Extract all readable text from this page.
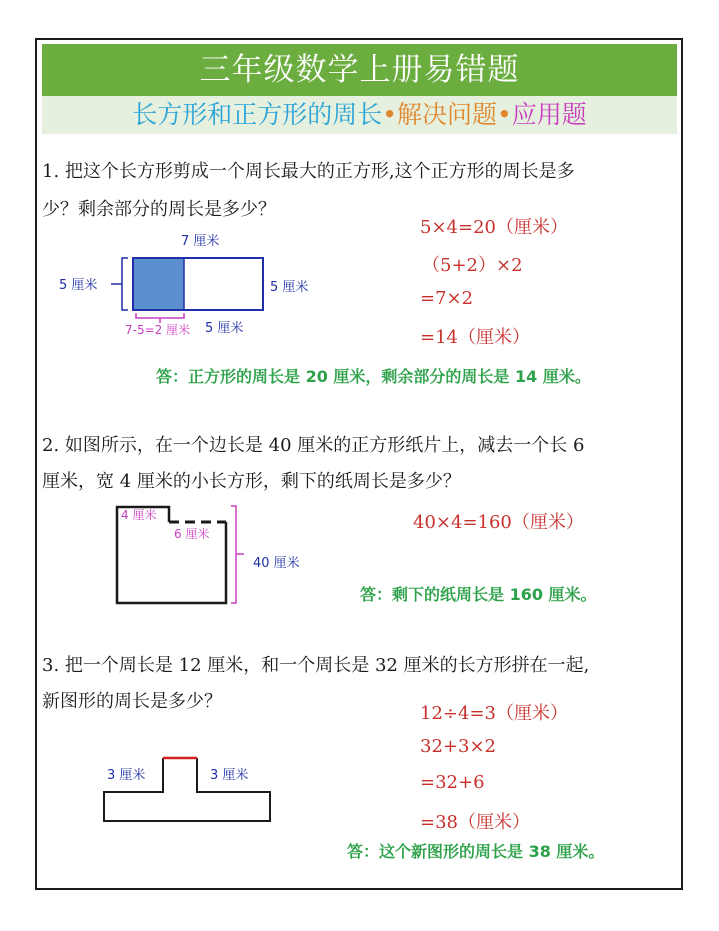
三年级数学上册易错题
长方形和正方形的周长•解决问题•应用题
1. 把这个长方形剪成一个周长最大的正方形,这个正方形的周长是多
少？剩余部分的周长是多少？
7 厘米
5 厘米	5 厘米
7-5=2 厘米 5 厘米
5×4=20（厘米）
（5+2）×2
=7×2
=14（厘米）
答：正方形的周长是 20 厘米，剩余部分的周长是 14 厘米。
2. 如图所示，在一个边长是 40 厘米的正方形纸片上，减去一个长 6
厘米，宽 4 厘米的小长方形，剩下的纸周长是多少？
4 厘米
6 厘米
40 厘米
40×4=160（厘米）
答：剩下的纸周长是 160 厘米。
3. 把一个周长是 12 厘米，和一个周长是 32 厘米的长方形拼在一起,
新图形的周长是多少？
3 厘米	3 厘米
12÷4=3（厘米）
32+3×2
=32+6
=38（厘米）
答：这个新图形的周长是 38 厘米。
